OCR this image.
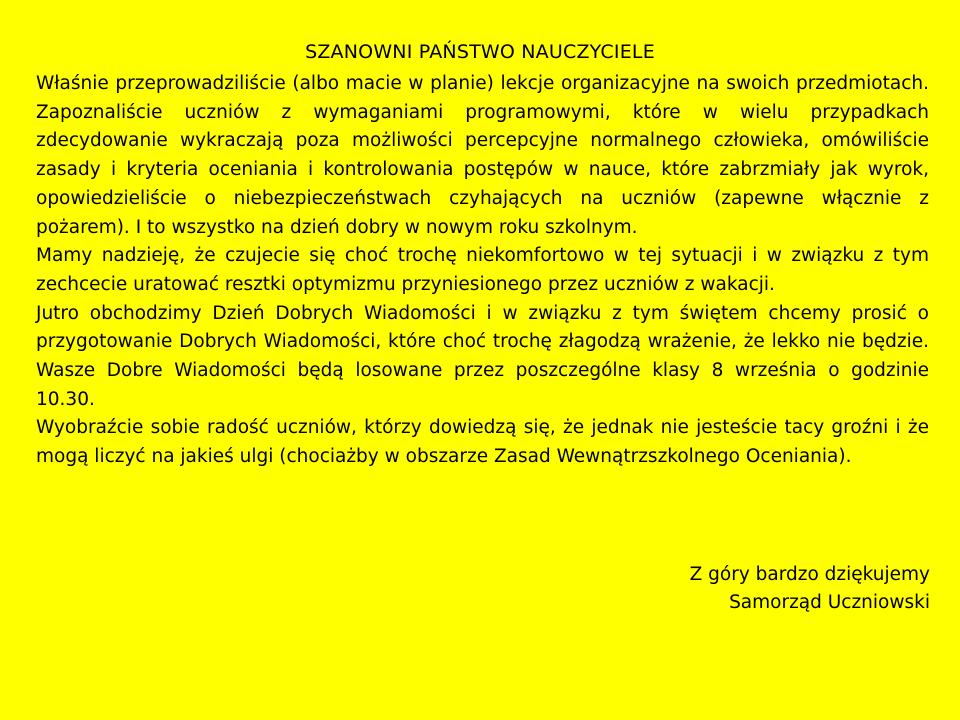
SZANOWNI PAŃSTWO NAUCZYCIELE

Właśnie przeprowadziliście (albo macie w planie) lekcje organizacyjne na swoich przedmiotach. Zapoznaliście uczniów z wymaganiami programowymi, które w wielu przypadkach zdecydowanie wykraczają poza możliwości percepcyjne normalnego człowieka, omówiliście zasady i kryteria oceniania i kontrolowania postępów w nauce, które zabrzmiały jak wyrok, opowiedzieliście o niebezpieczeństwach czyhających na uczniów (zapewne włącznie z pożarem). I to wszystko na dzień dobry w nowym roku szkolnym.

Mamy nadzieję, że czujecie się choć trochę niekomfortowo w tej sytuacji i w związku z tym zechcecie uratować resztki optymizmu przyniesionego przez uczniów z wakacji.

Jutro obchodzimy Dzień Dobrych Wiadomości i w związku z tym świętem chcemy prosić o przygotowanie Dobrych Wiadomości, które choć trochę złagodzą wrażenie, że lekko nie będzie. Wasze Dobre Wiadomości będą losowane przez poszczególne klasy 8 września o godzinie 10.30.

Wyobraźcie sobie radość uczniów, którzy dowiedzą się, że jednak nie jesteście tacy groźni i że mogą liczyć na jakieś ulgi (chociażby w obszarze Zasad Wewnątrzszkolnego Oceniania).

Z góry bardzo dziękujemy
Samorząd Uczniowski
